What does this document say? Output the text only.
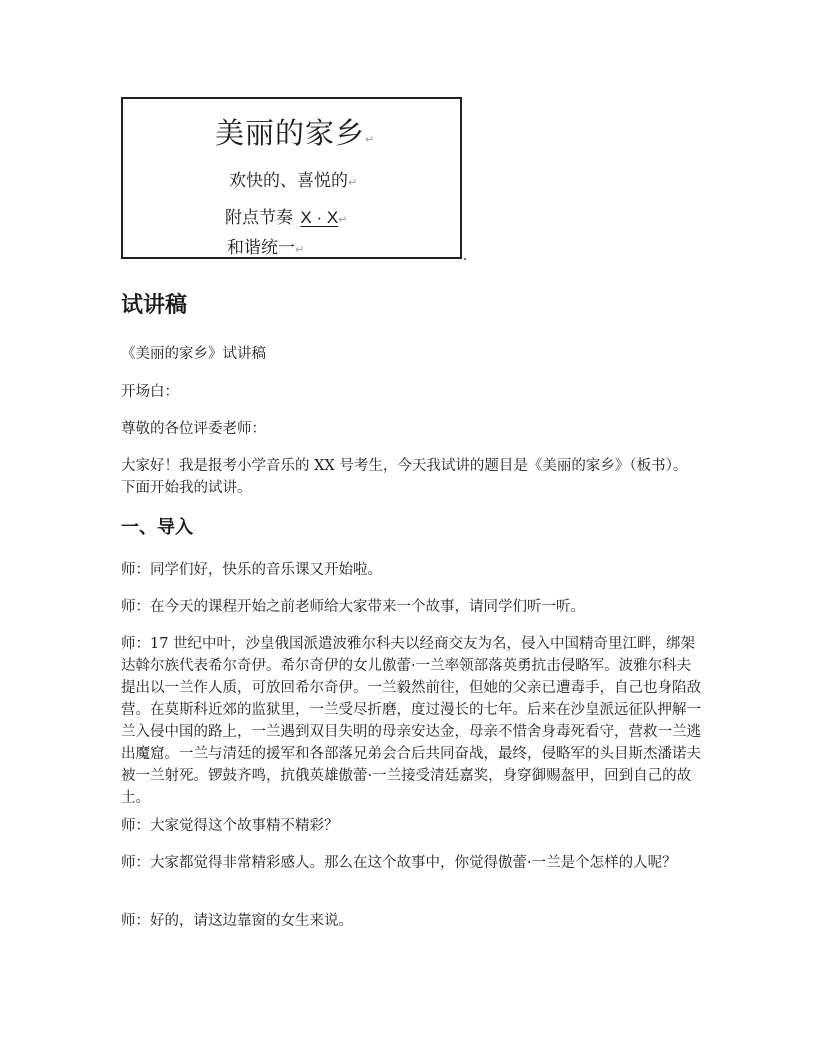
美丽的家乡↵
欢快的、喜悦的↵
附点节奏 X · X↵
和谐统一↵
试讲稿

《美丽的家乡》试讲稿

开场白：

尊敬的各位评委老师：

大家好！我是报考小学音乐的 XX 号考生，今天我试讲的题目是《美丽的家乡》（板书）。下面开始我的试讲。

一、导入

师：同学们好，快乐的音乐课又开始啦。

师：在今天的课程开始之前老师给大家带来一个故事，请同学们听一听。

师：17 世纪中叶，沙皇俄国派遣波雅尔科夫以经商交友为名，侵入中国精奇里江畔，绑架达斡尔族代表希尔奇伊。希尔奇伊的女儿傲蕾·一兰率领部落英勇抗击侵略军。波雅尔科夫提出以一兰作人质，可放回希尔奇伊。一兰毅然前往，但她的父亲已遭毒手，自己也身陷敌营。在莫斯科近郊的监狱里，一兰受尽折磨，度过漫长的七年。后来在沙皇派远征队押解一兰入侵中国的路上，一兰遇到双目失明的母亲安达金，母亲不惜舍身毒死看守，营救一兰逃出魔窟。一兰与清廷的援军和各部落兄弟会合后共同奋战，最终，侵略军的头目斯杰潘诺夫被一兰射死。锣鼓齐鸣，抗俄英雄傲蕾·一兰接受清廷嘉奖，身穿御赐盔甲，回到自己的故土。

师：大家觉得这个故事精不精彩？

师：大家都觉得非常精彩感人。那么在这个故事中，你觉得傲蕾·一兰是个怎样的人呢？

师：好的，请这边靠窗的女生来说。
